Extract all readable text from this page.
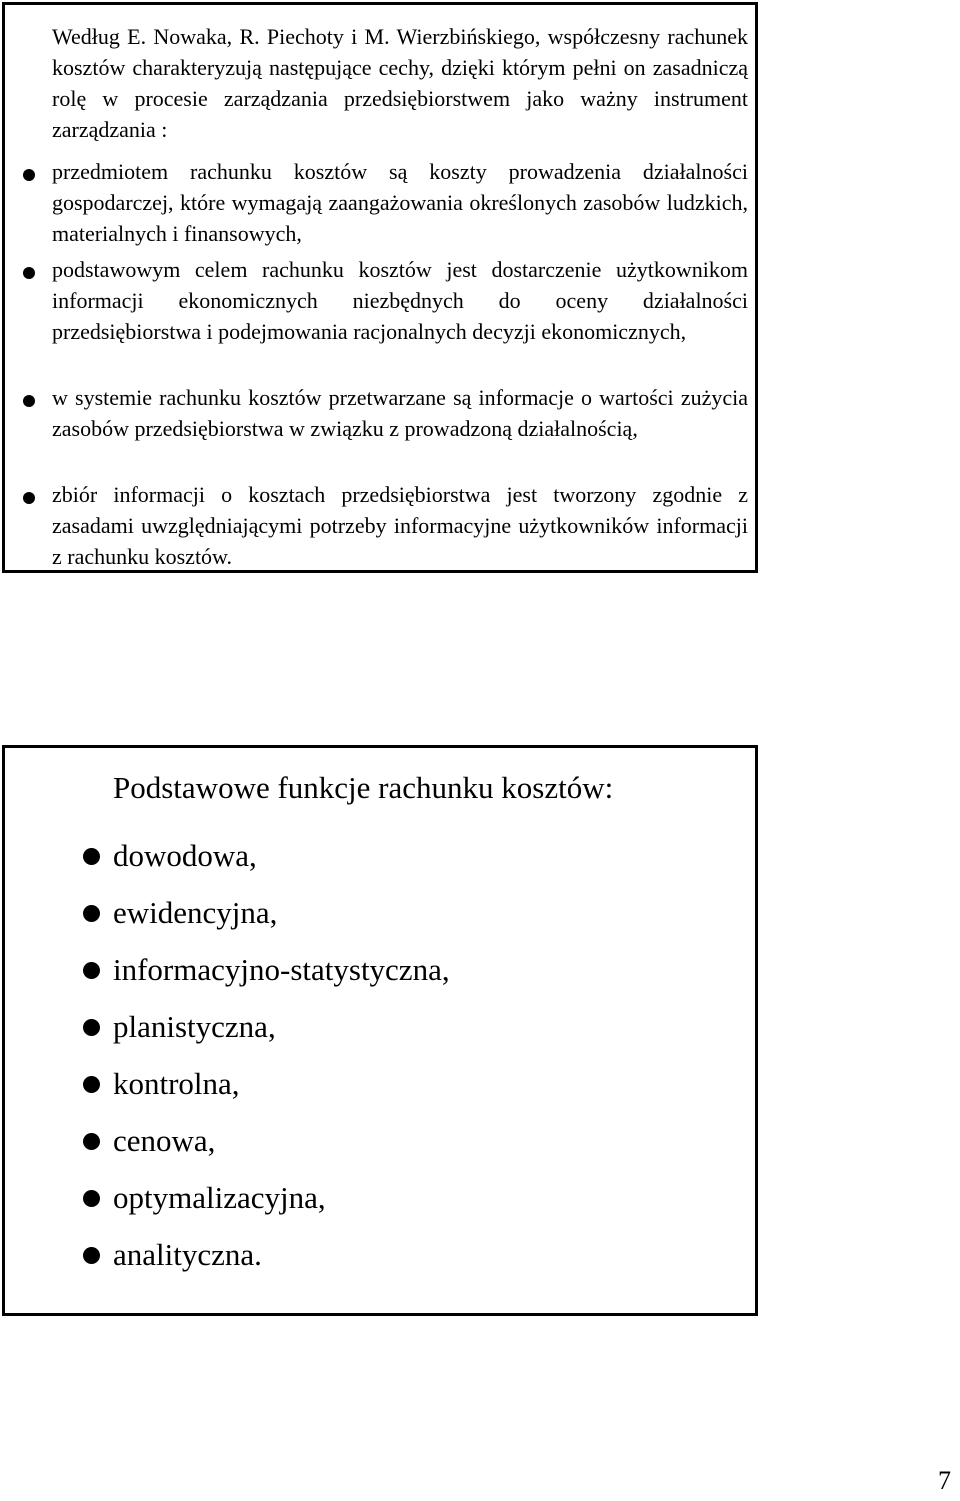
Według E. Nowaka, R. Piechoty i M. Wierzbińskiego, współczesny rachunek kosztów charakteryzują następujące cechy, dzięki którym pełni on zasadniczą rolę w procesie zarządzania przedsiębiorstwem jako ważny instrument zarządzania :

przedmiotem rachunku kosztów są koszty prowadzenia działalności gospodarczej, które wymagają zaangażowania określonych zasobów ludzkich, materialnych i finansowych,

podstawowym celem rachunku kosztów jest dostarczenie użytkownikom informacji ekonomicznych niezbędnych do oceny działalności przedsiębiorstwa i podejmowania racjonalnych decyzji ekonomicznych,

w systemie rachunku kosztów przetwarzane są informacje o wartości zużycia zasobów przedsiębiorstwa w związku z prowadzoną działalnością,

zbiór informacji o kosztach przedsiębiorstwa jest tworzony zgodnie z zasadami uwzględniającymi potrzeby informacyjne użytkowników informacji z rachunku kosztów.

Podstawowe funkcje rachunku kosztów:

dowodowa,

ewidencyjna,

informacyjno-statystyczna,

planistyczna,

kontrolna,

cenowa,

optymalizacyjna,

analityczna.

7
